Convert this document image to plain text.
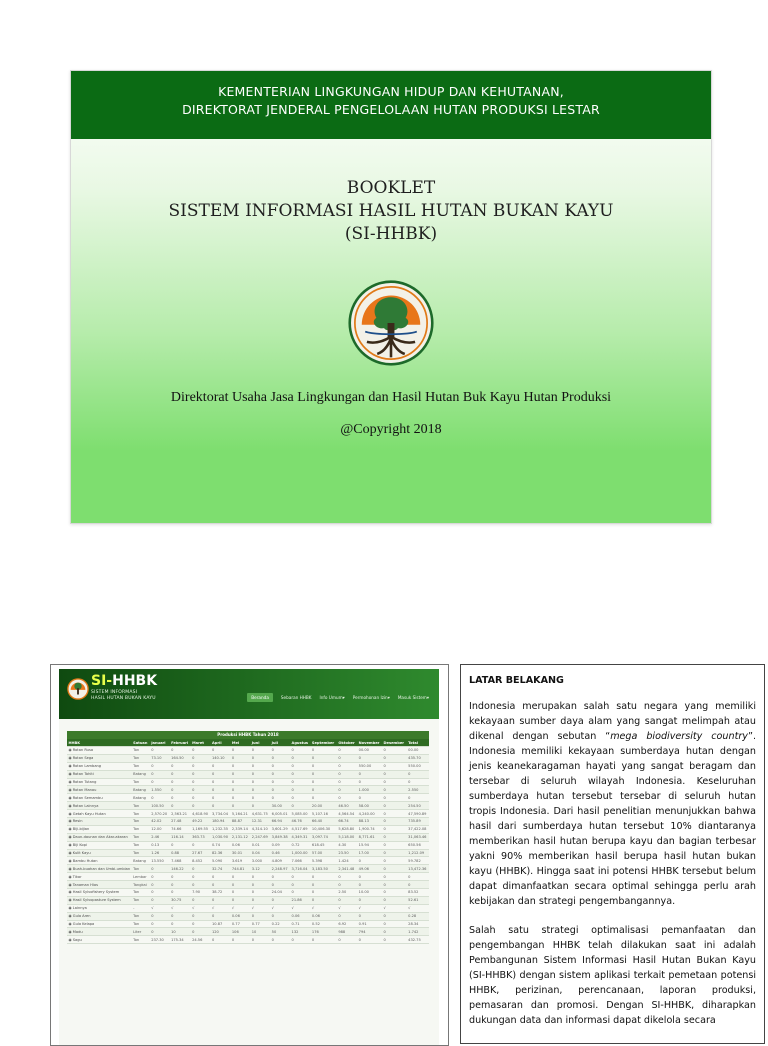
KEMENTERIAN LINGKUNGAN HIDUP DAN KEHUTANAN,
DIREKTORAT JENDERAL PENGELOLAAN HUTAN PRODUKSI LESTAR
BOOKLET
SISTEM INFORMASI HASIL HUTAN BUKAN KAYU
(SI-HHBK)
Direktorat Usaha Jasa Lingkungan dan Hasil Hutan Buk Kayu Hutan Produksi
@Copyright 2018
SI-HHBK
SISTEM INFORMASI
HASIL HUTAN BUKAN KAYU	Beranda	Sebaran HHBK Info Umum▾ Permohonan Izin▾ Masuk Sistem▾
Produksi HHBK Tahun 2018
HHBK	Satuan	Januari	Februari	Maret	April	Mei	Juni	Juli	Agustus	September	Oktober	November	Desember	Total
◉ Rotan Rusa	Ton	0	0	0	0	0	0	0	0	0	0	00.00	0	00.00
◉ Rotan Sega	Ton	73.10	164.50	0	140.10	0	0	0	0	0	0	0	0	435.70
◉ Rotan Lambang	Ton	0	0	0	0	0	0	0	0	0	0	550.00	0	550.00
◉ Rotan Tohiti	Batang	0	0	0	0	0	0	0	0	0	0	0	0	0
◉ Rotan Tutang	Ton	0	0	0	0	0	0	0	0	0	0	0	0	0
◉ Rotan Manau	Batang	1.550	0	0	0	0	0	0	0	0	0	1.000	0	2.550
◉ Rotan Semambu	Batang	0	0	0	0	0	0	0	0	0	0	0	0	0
◉ Rotan Lainnya	Ton	100.50	0	0	0	0	0	30.00	0	20.00	46.50	58.00	0	254.50
◉ Getah Kayu Hutan	Ton	2,570.20	2,563.21	4,618.90	3,734.04	5,164.21	4,631.75	6,005.01	5,085.00	5,107.16	4,564.54	4,240.00	0	47,590.89
◉ Resin	Ton	42.02	27.48	49.22	180.94	88.87	12.31	66.94	46.76	66.40	66.74	88.13	0	735.89
◉ Biji-bijian	Ton	12.00	74.66	1,169.55	1,232.35	2,339.14	4,314.10	3,601.29	4,517.69	10,406.30	5,628.80	1,900.74	0	37,422.08
◉ Daun-daunan dan Akar-akaran	Ton	2.46	116.14	363.73	1,030.90	2,131.12	2,247.69	3,849.38	4,349.31	3,097.74	5,118.00	8,771.61	0	31,063.46
◉ Biji Kopi	Ton	0.13	0	0	0.74	0.06	0.01	0.09	0.72	618.45	4.30	15.94	0	650.56
◉ Kulit Kayu	Ton	1.26	0.88	27.67	82.36	30.01	0.04	0.46	1,000.00	57.00	23.50	17.00	0	1,212.09
◉ Bambu Hutan	Batang	13.550	7.468	8.452	5.090	3.619	3.000	4.809	7.066	5.398	1.424	0	0	59.782
◉ Buah-buahan dan Umbi-umbian	Ton	0	146.22	0	32.74	744.81	3.12	2,248.97	3,716.04	3,183.50	2,341.48	49.06	0	13,472.36
◉ Tikar	Lembar	0	0	0	0	0	0	0	0	0	0	0	0	0
◉ Tanaman Hias	Tangkai	0	0	0	0	0	0	0	0	0	0	0	0	0
◉ Hasil Sylvofishery System	Ton	0	0	7.90	38.72	0	0	24.04	0	0	2.50	10.00	0	83.52
◉ Hasil Sylvopasture System	Ton	0	30.75	0	0	0	0	0	21.86	0	0	0	0	52.61
◉ Lainnya	-	√	√	√	√	√	√	√	√	√	√	√	√	√
◉ Gula Aren	Ton	0	0	0	0	0.06	0	0	0.06	0.06	0	0	0	0.28
◉ Gula Kelapa	Ton	0	0	0	10.87	0.77	0.77	0.22	0.71	0.52	6.92	0.91	0	28.34
◉ Madu	Liter	0	10	0	120	106	10	50	132	176	988	794	0	1.742
◉ Sagu	Ton	237.30	175.34	24.56	0	0	0	0	0	0	0	0	0	432.75
LATAR BELAKANG

Indonesia merupakan salah satu negara yang memiliki kekayaan sumber daya alam yang sangat melimpah atau dikenal dengan sebutan “mega biodiversity country”. Indonesia memiliki kekayaan sumberdaya hutan dengan jenis keanekaragaman hayati yang sangat beragam dan tersebar di seluruh wilayah Indonesia. Keseluruhan sumberdaya hutan tersebut tersebar di seluruh hutan tropis Indonesia. Dari hasil penelitian menunjukkan bahwa hasil dari sumberdaya hutan tersebut 10% diantaranya memberikan hasil hutan berupa kayu dan bagian terbesar yakni 90% memberikan hasil berupa hasil hutan bukan kayu (HHBK). Hingga saat ini potensi HHBK tersebut belum dapat dimanfaatkan secara optimal sehingga perlu arah kebijakan dan strategi pengembangannya.

Salah satu strategi optimalisasi pemanfaatan dan pengembangan HHBK telah dilakukan saat ini adalah Pembangunan Sistem Informasi Hasil Hutan Bukan Kayu (SI-HHBK) dengan sistem aplikasi terkait pemetaan potensi HHBK, perizinan, perencanaan, laporan produksi, pemasaran dan promosi. Dengan SI-HHBK, diharapkan dukungan data dan informasi dapat dikelola secara
